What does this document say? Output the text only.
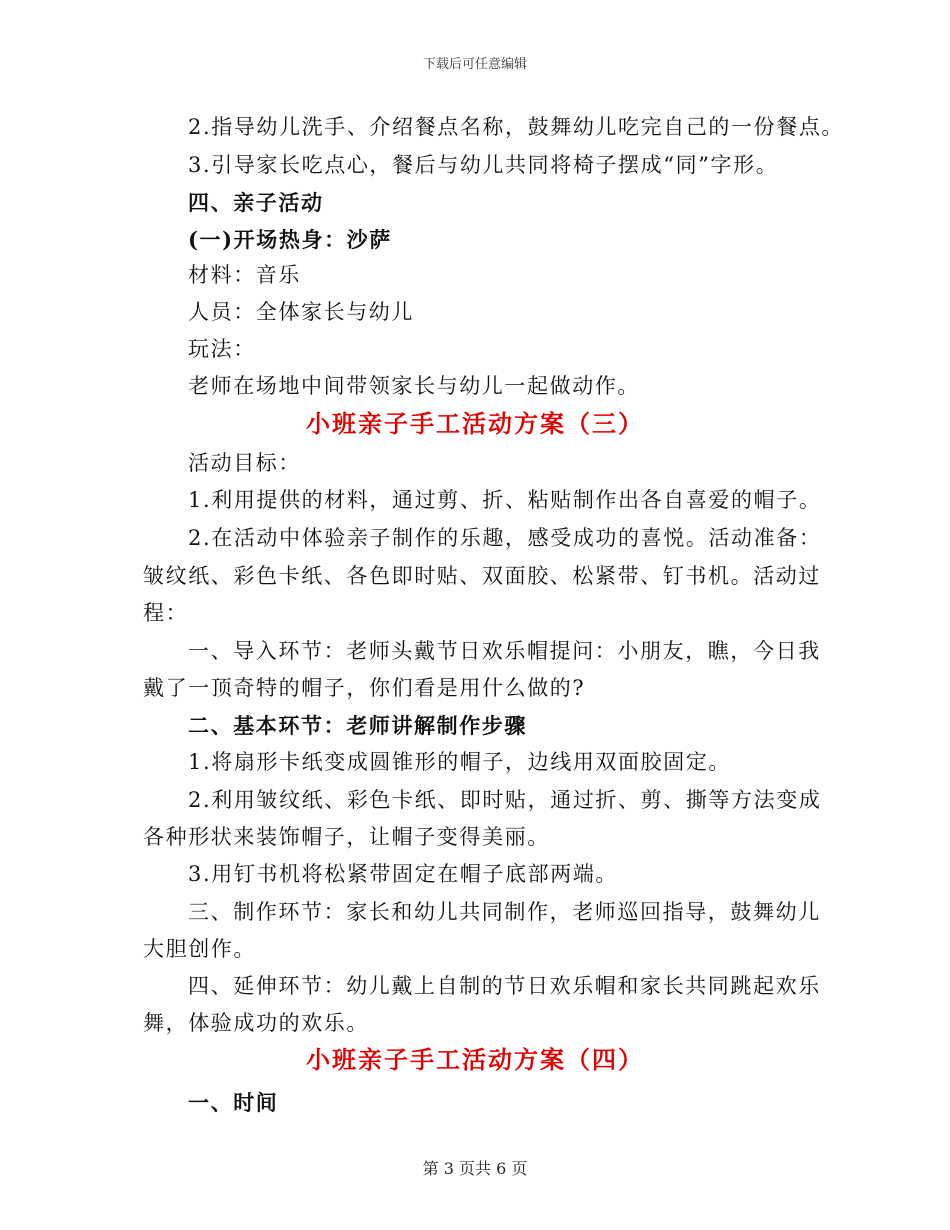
下载后可任意编辑
2.指导幼儿洗手、介绍餐点名称，鼓舞幼儿吃完自己的一份餐点。
3.引导家长吃点心，餐后与幼儿共同将椅子摆成“同”字形。
四、亲子活动
(一)开场热身：沙萨
材料：音乐
人员：全体家长与幼儿
玩法：
老师在场地中间带领家长与幼儿一起做动作。
小班亲子手工活动方案（三）
活动目标：
1.利用提供的材料，通过剪、折、粘贴制作出各自喜爱的帽子。
2.在活动中体验亲子制作的乐趣，感受成功的喜悦。活动准备：
皱纹纸、彩色卡纸、各色即时贴、双面胶、松紧带、钉书机。活动过
程：
一、导入环节：老师头戴节日欢乐帽提问：小朋友，瞧，今日我
戴了一顶奇特的帽子，你们看是用什么做的?
二、基本环节：老师讲解制作步骤
1.将扇形卡纸变成圆锥形的帽子，边线用双面胶固定。
2.利用皱纹纸、彩色卡纸、即时贴，通过折、剪、撕等方法变成
各种形状来装饰帽子，让帽子变得美丽。
3.用钉书机将松紧带固定在帽子底部两端。
三、制作环节：家长和幼儿共同制作，老师巡回指导，鼓舞幼儿
大胆创作。
四、延伸环节：幼儿戴上自制的节日欢乐帽和家长共同跳起欢乐
舞，体验成功的欢乐。
小班亲子手工活动方案（四）
一、时间
第 3 页共 6 页
